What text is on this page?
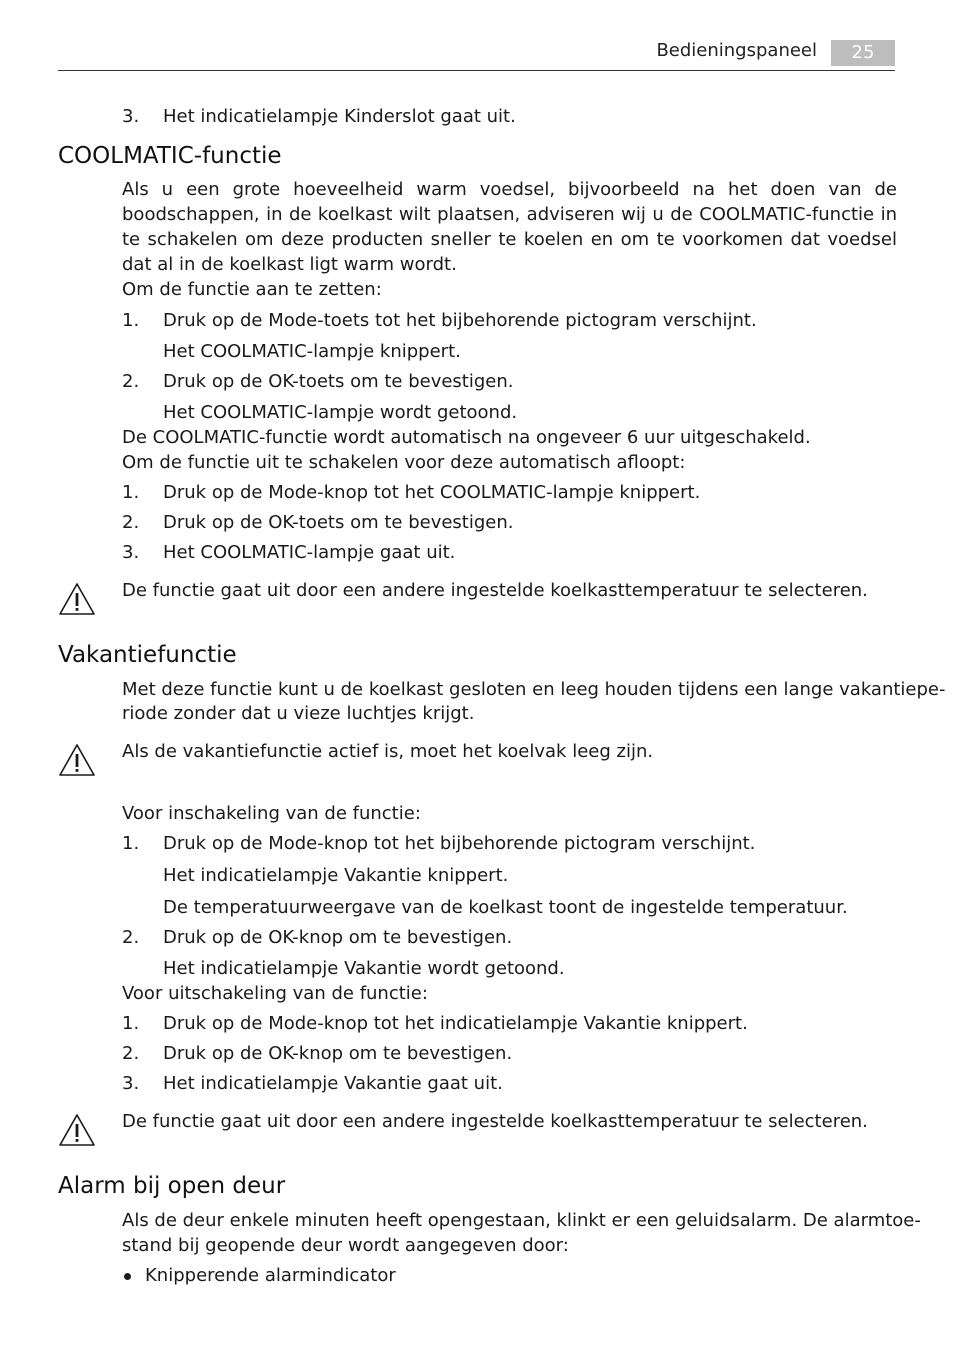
Bedieningspaneel	25
3. Het indicatielampje Kinderslot gaat uit.
COOLMATIC-functie
Als u een grote hoeveelheid warm voedsel, bijvoorbeeld na het doen van de boodschappen, in de koelkast wilt plaatsen, adviseren wij u de COOLMATIC-functie in te schakelen om deze producten sneller te koelen en om te voorkomen dat voedsel dat al in de koelkast ligt warm wordt.
Om de functie aan te zetten:
1. Druk op de Mode-toets tot het bijbehorende pictogram verschijnt.
Het COOLMATIC-lampje knippert.
2. Druk op de OK-toets om te bevestigen.
Het COOLMATIC-lampje wordt getoond.
De COOLMATIC-functie wordt automatisch na ongeveer 6 uur uitgeschakeld.
Om de functie uit te schakelen voor deze automatisch afloopt:
1. Druk op de Mode-knop tot het COOLMATIC-lampje knippert.
2. Druk op de OK-toets om te bevestigen.
3. Het COOLMATIC-lampje gaat uit.
De functie gaat uit door een andere ingestelde koelkasttemperatuur te selecteren.
Vakantiefunctie
Met deze functie kunt u de koelkast gesloten en leeg houden tijdens een lange vakantiepe-
riode zonder dat u vieze luchtjes krijgt.
Als de vakantiefunctie actief is, moet het koelvak leeg zijn.
Voor inschakeling van de functie:
1. Druk op de Mode-knop tot het bijbehorende pictogram verschijnt.
Het indicatielampje Vakantie knippert.
De temperatuurweergave van de koelkast toont de ingestelde temperatuur.
2. Druk op de OK-knop om te bevestigen.
Het indicatielampje Vakantie wordt getoond.
Voor uitschakeling van de functie:
1. Druk op de Mode-knop tot het indicatielampje Vakantie knippert.
2. Druk op de OK-knop om te bevestigen.
3. Het indicatielampje Vakantie gaat uit.
De functie gaat uit door een andere ingestelde koelkasttemperatuur te selecteren.
Alarm bij open deur
Als de deur enkele minuten heeft opengestaan, klinkt er een geluidsalarm. De alarmtoe-
stand bij geopende deur wordt aangegeven door:
Knipperende alarmindicator
